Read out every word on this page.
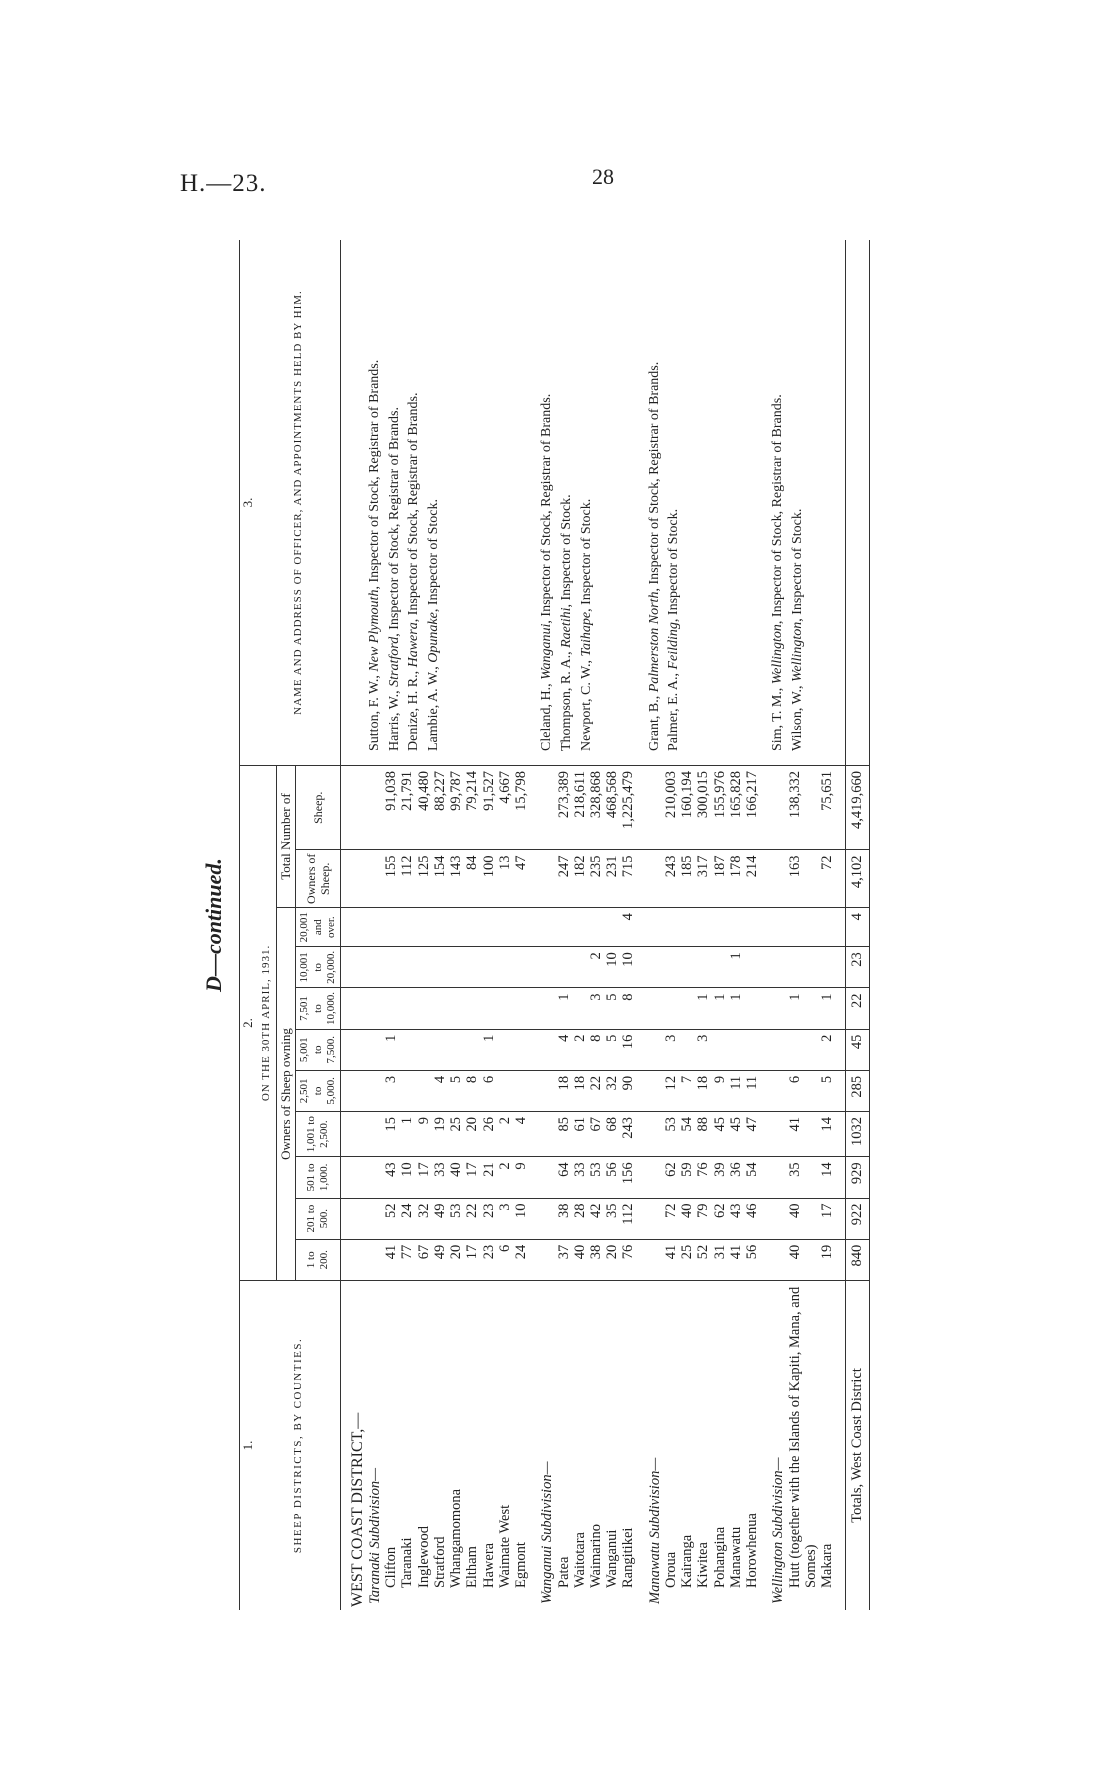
H.—23.	28
D—continued.
1.	2.											3.
SHEEP DISTRICTS, BY COUNTIES.	ON THE 30TH APRIL, 1931.											NAME AND ADDRESS OF OFFICER, AND APPOINTMENTS HELD BY HIM.
	Owners of Sheep owning									Total Number of		
	1 to 200.	201 to 500.	501 to 1,000.	1,001 to 2,500.	2,501 to 5,000.	5,001 to 7,500.	7,501 to 10,000.	10,001 to 20,000.	20,001 and over.	Owners of Sheep.	Sheep.	
WEST COAST DISTRICT,—												
Taranaki Subdivision—												Sutton, F. W., New Plymouth, Inspector of Stock, Registrar of Brands.
Harris, W., Stratford, Inspector of Stock, Registrar of Brands.
Denize, H. R., Hawera, Inspector of Stock, Registrar of Brands.
Lambie, A. W., Opunake, Inspector of Stock.

Clifton	41	52	43	15	3	1				155	91,038	
Taranaki	77	24	10	1						112	21,791	
Inglewood	67	32	17	9						125	40,480	
Stratford	49	49	33	19	4					154	88,227	
Whangamomona	20	53	40	25	5					143	99,787	
Eltham	17	22	17	20	8					84	79,214	
Hawera	23	23	21	26	6	1				100	91,527	
Waimate West	6	3	2	2						13	4,667	
Egmont	24	10	9	4						47	15,798	

Wanganui Subdivision—												Cleland, H., Wanganui, Inspector of Stock, Registrar of Brands.
Thompson, R. A., Raetihi, Inspector of Stock.
Newport, C. W., Taihape, Inspector of Stock.

Patea	37	38	64	85	18	4	1			247	273,389	
Waitotara	40	28	33	61	18	2				182	218,611	
Waimarino	38	42	53	67	22	8	3	2		235	328,868	
Wanganui	20	35	56	68	32	5	5	10		231	468,568	
Rangitikei	76	112	156	243	90	16	8	10	4	715	1,225,479	

Manawatu Subdivision—												Grant, B., Palmerston North, Inspector of Stock, Registrar of Brands.
Palmer, E. A., Feilding, Inspector of Stock.

Oroua	41	72	62	53	12	3				243	210,003	
Kairanga	25	40	59	54	7					185	160,194	
Kiwitea	52	79	76	88	18	3	1			317	300,015	
Pohangina	31	62	39	45	9		1			187	155,976	
Manawatu	41	43	36	45	11		1	1		178	165,828	
Horowhenua	56	46	54	47	11					214	166,217	

Wellington Subdivision—												Sim, T. M., Wellington, Inspector of Stock, Registrar of Brands.
Wilson, W., Wellington, Inspector of Stock.

Hutt (together with the Islands of Kapiti, Mana, and Somes)	40	40	35	41	6		1			163	138,332	
Makara	19	17	14	14	5	2	1			72	75,651	

Totals, West Coast District	840	922	929	1032	285	45	22	23	4	4,102	4,419,660	
